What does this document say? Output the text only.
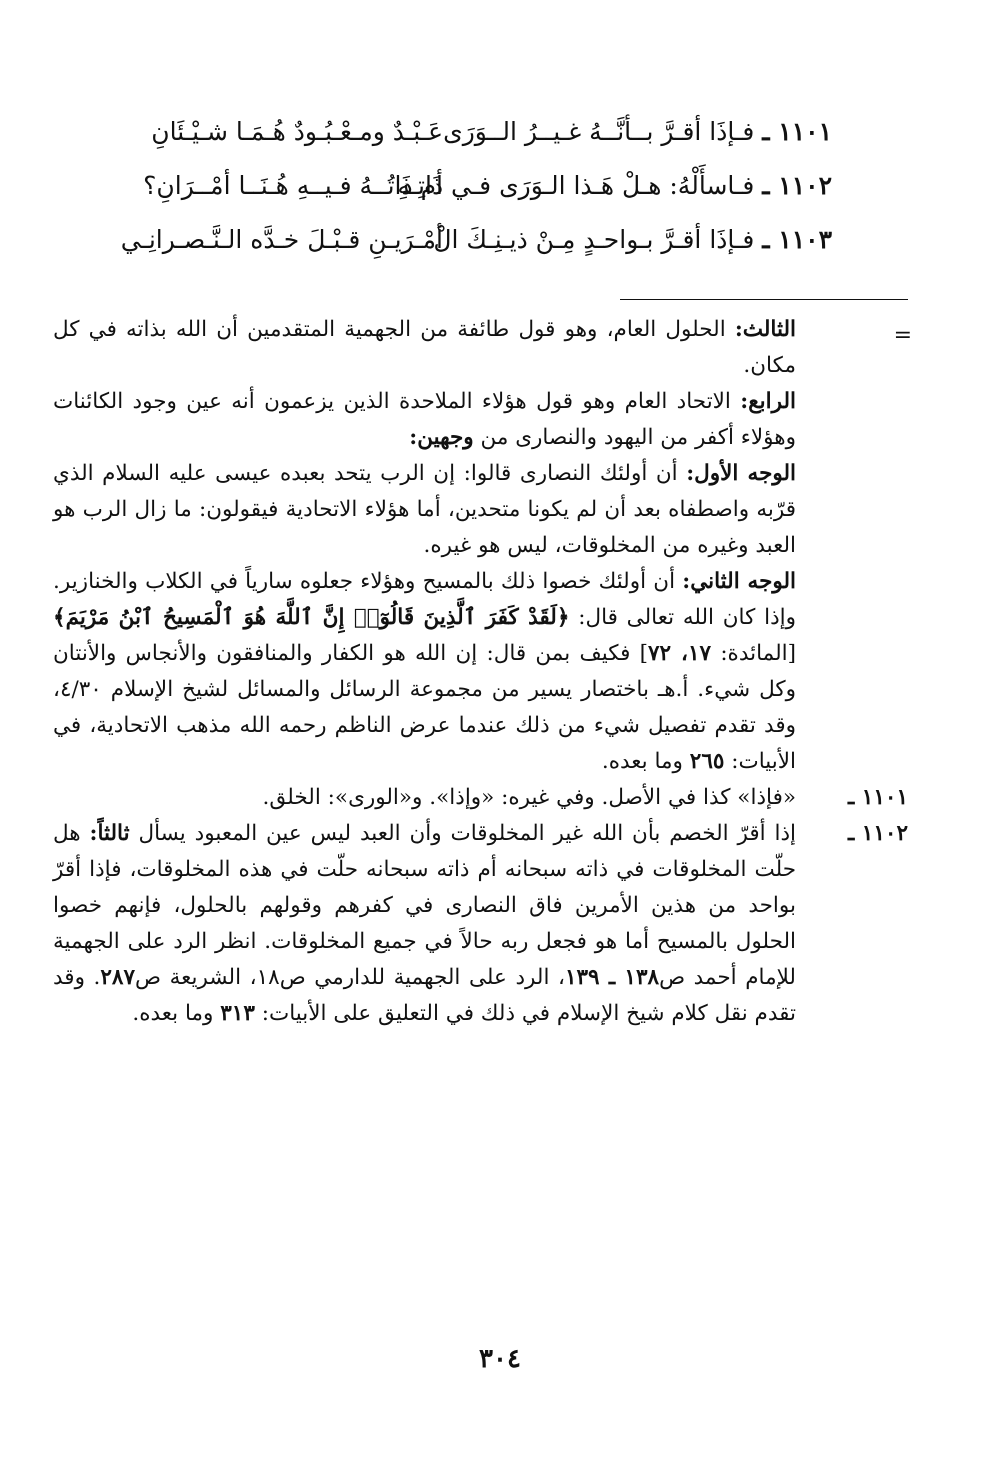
١١٠١ ـ فـإذَا أقـرَّ بــأنَّــهُ غـيــرُ الــوَرَى
عَـبْـدٌ ومـعْـبُـودٌ هُـمَـا شـيْـئَانِ
١١٠٢ ـ فـاسأَلْهُ: هـلْ هَـذا الـوَرَى فـي ذَاتِـهِ
أم ذَاتُــهُ فـيــهِ هُـنَــا أمْــرَانِ؟
١١٠٣ ـ فـإذَا أقـرَّ بـواحـدٍ مِـنْ ذيـنِـكَ الْ
أمْـرَيـنِ قـبْـلَ خـدَّه الـنَّـصـرانِـي
=
الثالث: الحلول العام، وهو قول طائفة من الجهمية المتقدمين أن الله بذاته في كل مكان.
الرابع: الاتحاد العام وهو قول هؤلاء الملاحدة الذين يزعمون أنه عين وجود الكائنات وهؤلاء أكفر من اليهود والنصارى من وجهين:
الوجه الأول: أن أولئك النصارى قالوا: إن الرب يتحد بعبده عيسى عليه السلام الذي قرّبه واصطفاه بعد أن لم يكونا متحدين، أما هؤلاء الاتحادية فيقولون: ما زال الرب هو العبد وغيره من المخلوقات، ليس هو غيره.
الوجه الثاني: أن أولئك خصوا ذلك بالمسيح وهؤلاء جعلوه سارياً في الكلاب والخنازير. وإذا كان الله تعالى قال: ﴿لَقَدْ كَفَرَ ٱلَّذِينَ قَالُوٓا۟ إِنَّ ٱللَّهَ هُوَ ٱلْمَسِيحُ ٱبْنُ مَرْيَمَ﴾ [المائدة: ١٧، ٧٢] فكيف بمن قال: إن الله هو الكفار والمنافقون والأنجاس والأنتان وكل شيء. أ.هـ باختصار يسير من مجموعة الرسائل والمسائل لشيخ الإسلام ٤/٣٠، وقد تقدم تفصيل شيء من ذلك عندما عرض الناظم رحمه الله مذهب الاتحادية، في الأبيات: ٢٦٥ وما بعده.
١١٠١ ـ
«فإذا» كذا في الأصل. وفي غيره: «وإذا». و«الورى»: الخلق.
١١٠٢ ـ
إذا أقرّ الخصم بأن الله غير المخلوقات وأن العبد ليس عين المعبود يسأل ثالثاً: هل حلّت المخلوقات في ذاته سبحانه أم ذاته سبحانه حلّت في هذه المخلوقات، فإذا أقرّ بواحد من هذين الأمرين فاق النصارى في كفرهم وقولهم بالحلول، فإنهم خصوا الحلول بالمسيح أما هو فجعل ربه حالاً في جميع المخلوقات. انظر الرد على الجهمية للإمام أحمد ص١٣٨ ـ ١٣٩، الرد على الجهمية للدارمي ص١٨، الشريعة ص٢٨٧. وقد تقدم نقل كلام شيخ الإسلام في ذلك في التعليق على الأبيات: ٣١٣ وما بعده.
٣٠٤
